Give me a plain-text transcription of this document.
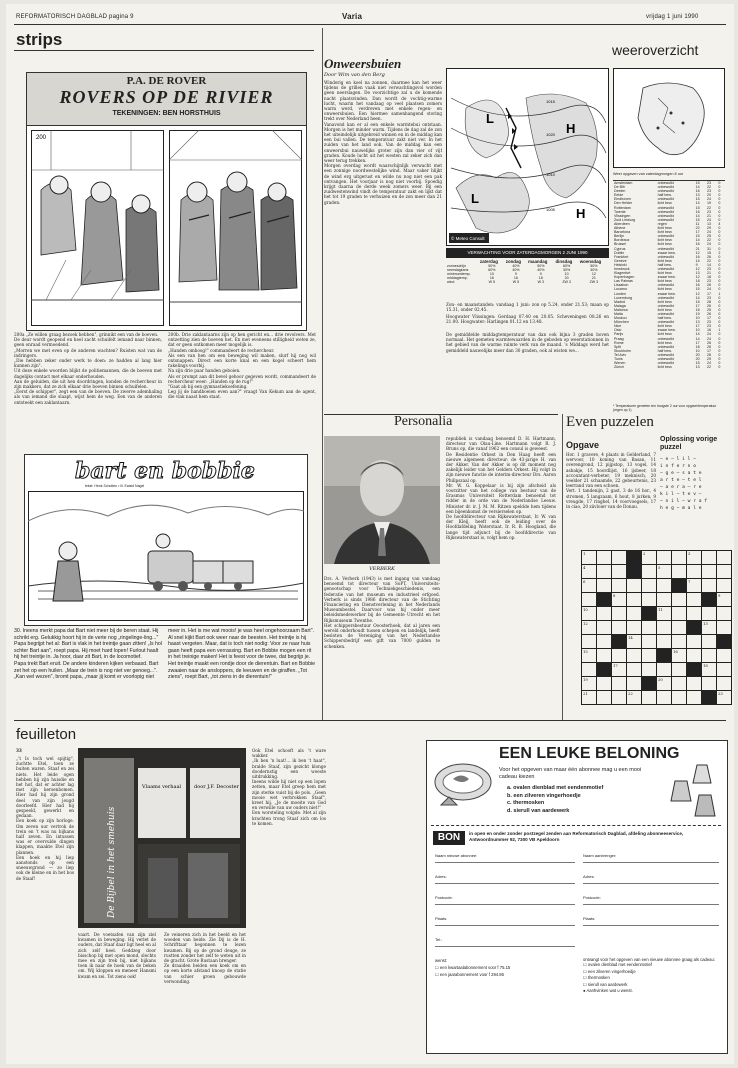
REFORMATORISCH DAGBLAD pagina 9	Varia	vrijdag 1 juni 1990
strips
P.A. DE ROVER
ROVERS OP DE RIVIER
TEKENINGEN: BEN HORSTHUIS
200
200a „Ze willen graag bezoek hebben", grinnikt een van de boeven.
De deur wordt geopend en heel zacht schuifelt iemand naar binnen, geen onraad vermoedend.
„Morren we met even op de anderen wachten? Ruisten wat van de indringers.
„Die hebben zeker onder werk te doen: ze hadden al lang hier kunnen zijn".
Uit deze enkele woorden blijkt de politiemannen, die de boeven met dagelijks contact met elkaar onderhouden.
Aan de geluiden, die uit hen doordringen, konden de rechercheur in zijn makkers, dat ze zich elkaar drie boeven binnen schuifelen.
„Eerst de schipper", zegt een van de boeven. De zwerve ademhaling als van iemand die slaapt, wijst hem de weg. Een van de anderen ontsteekt een zaklantaarn.
200b. Drie zaklantaarns zijn op hen gericht en... drie revolvers. Met ontzetting zien de boeven het. En met eveneens stilligheid weten ze, dat er geen ontkomen meer mogelijk is.
„Handen omhoog!" commandeert de rechercheur.
Als een van hen om een beweging wil maken, slurf hij nog wil ontsnappen. Direct een korte knal en een kogel scheert hem rakelings voorbij.
Na zijn drie paar handen geboien.
Als er prompt aan dit bevel gehoor gegeven wordt, commandeert de rechercheur weer: „Handen op de rug!"
"Gaat ab bij een gymnastiekoefening.
Leg jij de handboeien even aan?" vraagt Van Kekum aan de agent, die vlak naast hem staat.
bart en bobbie
tekst: Henk Scholten • ill. Ewald Nagel
30. Ineens merkt papa dat Bart niet meer bij de beren staat. Hij schrikt erg. Gelukkig hoort hij in de verte nog „ringelinge-ling..." Papa begrijpt het al: Bart is vlak in het treintje gaan zitten! „Is hol schter Bart aan", roept papa. Hij moet hard lopen! Furlout haalt hij het treintje in. Ja hoor, daar zit Bart, in de locomotief.
Papa trekt Bart eruit. De andere kinderen kijken verbaasd. Bart zet het op een huilen. „Maar de trein is nog niet ver genoeg...". „Kan wel wezen", bromt papa, „maar jij komt er voorlopig niet
meer in. Het is me wat moois! je was heel ongehoorzaam Bart".
Al snel kijkt Bart ook weer naar de beesten. Het treintje is hij haast vergeten. Maar, dat is toch niet nodig: Voor ze naar huis gaan heeft papa een verrassing. Bart en Bobbie mogen een rit in het treinige maken! Het is feest voor de twee, dat begrijp je. Het treintje maakt een rondje door de dierentuin. Bart en Bobbie zwaaien naar de ansloppers, de leeuwen en de giraffen. „Tot ziens", roept Bart, „tot ziens in de dierentuin!"
Onweersbuien
Door Wim van den Berg
Winderig en koel na zonnen, daarmee kan het weer tijdens de grillen vaak niet verwachtingsvol worden geen neerslagen. De voorzichtige zal u de komende nacht plaatsvinden. Dan wordt de vochtig-warme lucht, waarin het vandaag op veel plaatsen zomers warm werd, verdreven met enkele regen- en onweersbuien. Een hiermee samenhangend storing trekt over Nederland heen.
Vanavond kan er al een enkele warmtebui ontstaan. Morgen is het minder warm. Tijdens de dag zal de zon het uiteindelijk uitgebreid winnen en in de middag kan een bui vallen. De temperatuur zakt niet ver. In het zuiden van het land ook. Van de middag kan een onweersbui nauwelijks groter zijn dan vier of vijf graden. Koude lucht uit het westen zal zeker zich dan weer terug trekken.
Morgen overdag wordt waarschijnlijk verwacht met een zonnige noordwestelijke wind. Maar vaker blijkt de wind erg uitgerust en wilde nu nog niet een pak ontvangen. Het voorjaar is nog niet voorbij. Spoedig krijgt daarna de derde week zomers weer. Bij een zuidwestenwind vindt de temperatuur zakt en lijkt dat het tot 19 graden te verhuizen en de zon meer dan 21 graden.
weeroverzicht
L
H
L
H
1015
1020
1010
1005
© Meteo Consult
Weer opgaven van zaterdagmorgen 8 uur
Amsterdam	onbewolkt	15	23	0
De Bilt	onbewolkt	14	22	0
Deelen	onbewolkt	16	23	0
Eelde	half bew.	13	20	0
Eindhoven	onbewolkt	15	24	0
Den Helder	licht bew.	14	19	0
Rotterdam	onbewolkt	15	22	0
Twente	onbewolkt	16	23	0
Vlissingen	onbewolkt	14	21	0
Zuid Limburg	onbewolkt	15	24	0
Aberdeen	regen	11	13	4
Athene	licht bew.	22	29	0
Barcelona	licht bew.	17	24	0
Berlijn	onbewolkt	15	25	0
Bordeaux	licht bew.	14	22	0
Brussel	licht bew.	16	24	0
Cyprus	onbewolkt	21	31	0
Dublin	zwaar bew.	12	15	2
Frankfort	onbewolkt	16	26	0
Genève	licht bew.	14	22	0
Helsinki	half bew.	9	14	0
Innsbruck	onbewolkt	12	23	0
Klagenfurt	licht bew.	13	21	0
Kopenhagen	zwaar bew.	12	18	0
Las Palmas	licht bew.	18	23	0
Lissabon	onbewolkt	16	26	0
Locarno	licht bew.	15	24	0
Londen	zwaar bew.	12	17	1
Luxemburg	onbewolkt	14	23	0
Madrid	licht bew.	15	28	0
Malaga	onbewolkt	17	26	0
Mallorca	licht bew.	16	25	0
Malta	onbewolkt	19	26	0
Moskou	half bew.	10	17	0
München	onbewolkt	13	23	0
Nice	licht bew.	17	23	0
Oslo	zwaar bew.	10	16	1
Parijs	licht bew.	14	24	0
Praag	onbewolkt	14	24	0
Rome	licht bew.	17	26	0
Split	onbewolkt	18	26	0
Stockholm	half bew.	10	17	0
Tel Aviv	onbewolkt	20	28	0
Tunis	onbewolkt	20	29	0
Wenen	onbewolkt	15	24	0
Zürich	licht bew.	13	22	0
* Temperaturen gemeten ten hoogste 2 uur voor opgave/temperatuur (regen op 1)
VERWACHTING VOOR ZATERDAGMORGEN 2 JUNI 1990
	zaterdag	zondag	maandag	dinsdag	woensdag
zonneschijn	50%	40%	50%	60%	50%
neerslagkans	60%	40%	40%	30%	40%
minimumtemp.	10	9	9	10	12
middagtemp.	16	16	18	20	21
wind	W 5	W 5	W 3	ZW 3	ZW 3
Zon- en maanstanden: vandaag 1 juni: zon op 5.24, onder 21.53; maan op 15.31, onder 02.45.
Hoogwater Vlissingen: Gerdaag 07.40 en 20.05. Scheveningen 08.26 en 21.00. Hoogwater: Harlingen 01.12 en 13.48.
De gemiddelde middagtemperatuur van dan ook bijna 3 graden boven normaal. Het gemeten warmtewaarden in de geboden op weerstationnen in het gebied van de warme ruimte verk van de maand. 's Middags werd het gemiddeld nauwelijks meer dan 30 graden, ook al wisten we...
Personalia
VERBERK
Drs. A. Verberk (1943) is met ingang van vandaag benoemd tot directeur van SoPT, Universiteits-genootschap voor Techniekgeschiedenis, een federatie van het museum en industrieel erfgoed. Verberk is sinds 1986 directeur van de Stichting Financiering en Dienstverlening in het Nederlands Museumbestel. Daarvoor was hij onder meer beleidsmedewerker bij de Gemeente Utrecht en het Rijksmuseum Twenthe.
Het schippersbestuur Ooosterhoek, dat al jaren een wereld onderhoudt tussen schepen en landelijk, heeft besloten de Vereniging van het Nederlandse Schippersbedrijf een gift van 7000 gulden te schenken.
republiek is vandaag benoemd D. H. Hartmann, directeur van Olau-Line. Hartmann volgt R. J. Bruns op, die vanaf 1962 een consul is geweest.
De Residentie Orkest in Den Haag heeft een nieuwe algemeen directeur: de 43-jarige H. van der Akker. Van der Akker is op dit moment nog zakelijk leider van het Gelders Orkest. Hij volgt in zijn nieuwe functie de interim-directeur Drs. Aaron Philipszaal op.
Mr. W. G. Koppelaar is bij zijn afscheid als voorzitter van het college van bestuur van de Erasmus Universiteit Rotterdam benoemd tot ridder in de orde van de Nederlandse Leeuw. Minister dr. ir. J. M. M. Ritzen speldde hem tijdens een bijeenkomst de versierselen op.
De hoofddirecteur van Rijkswaterstaat, Ir. W. van der Kleij, heeft ook de leiding over de Hoofdafdeling Waterstaat. Ir. R. B. Hoogland, die lange tijd adjunct bij de hoofddirectie van Rijkswaterstaat is, volgt hem op.
Even puzzelen
Opgave
Hor. 1 gravere, 4 plaats in Gelderland, 7 wervoer, 10 koning van Basan, 11 overengrond, 12 pijpstop, 13 vogel, 14 asbakje, 15 hoordlijst, 16 ijsbeer, 18 accountant-verbeter, 19 meknisch, 20 veelder 21 schaamde, 22 gebeurtenis, 23 leerrand van een schoen.
Vert. 1 tandenijn, 2 gast, 3 de 16 hor., 4 stromen, 5 langzaam, 6 hout, 8 jurken, 9 vreugde, 17 ringbel, 14 voorvoegsels, 17 in ciao, 20 ziivloier van de Donau.
Oplossing vorige puzzel
— e — l i l —
i n f e r n o
— g e — s a t e
a r t e — t e l
— a e r a — r e
k i l — t e v —
— n i l — w r a f
h e g — m a l e
1				2			3		

4					5				

6							7		

		8							9

10					11				

12								13	

			14						

15						16			

		17						18	

19					20				

21			22						23
feuilleton
33
„'t Is toch wel spijtig", zuchtte Etel, toen ze buiten waren. Staaf en zei niets. Het leide ogen hebben hij zijn huisdie en het hof, dat er achter lag met zijn kersenbomen. Hier had hij zijn grond deel van zijn jeugd doorleefd. Hier had hij gespeeld, gewerkt en gedaan.
Een koek op zijn horloge. Om zeven uur vertrok de trein en 't was nu bijkans half zeven. En intussen was er overvulde dingen klappen, maakte Etel zijn plannen.
Een hoek en hij liep aanstonds op een sneeuwgrond — zo liep ook de kleine en in het bos de Staaf!
Vlaams verhaal	door J.F. Decoster
De Bijbel in het smehuis
vaart. De voetsafen van zijn ziel kwamen in beweging. Hij verlet de ouders, dat Staaf daar ligt heel en al zich zelf heel. Geddzeg door bisschop bij met open mond, slechts mee en zijn trek bij, niet bijkans toen ik naar de hoek van de beken om. Wij kloppen en meneer Hansmi kwam en zei. Tot ziens ook!
Ze veineren zich in het beeld en het woeden van beide. Zie Dij is de H. Schrifttaar begonnen te lezen kwamen. Bij op de grond deuge, ze rustten zonder het zelf te weten uit in de gracht. Grote Rustaan brenger.
Ze draaiden beiden een koek om en op een korte afstand knoop de statie van schier groen gebouwde verwonding.
Ook Etel schooft als 't ware wakker.
„Ik ben 'n luat!... ik ben 't haat", bralde Staaf, zijn gezicht klonge doodernstig een woeste uitdrukking.
Ineens wilde hij niet op een lopen zetten, maar Etel greep hem met zijn sterke vuist bij de pols. „Geen mooie wet verbrokken Staaf", kreet hij. „Je de moeite van God en verwille van uw ouders niet!"
Een worsteling volgde. Met al zijn krachten trong Staaf zich om los te komen.
EEN LEUKE BELONING
Voor het opgeven van maar één abonnee mag u een mooi cadeau kiezen
a. ovalen dienblad met eendenmotief
b. een zilveren vingerhoedje
c. thermosken
d. sierull van aardewerk
BON	in open en onder zonder postzegel zenden aan Reformatorisch Dagblad, afdeling abonneeservice, Antwoordnummer 92, 7300 VB Apeldoorn
Naam nieuwe abonnee:
Adres:
Postcode:
Plaats:
Tel.:
Naam aanbrenger:
Adres:
Postcode:
Plaats:
wenst:
☐ een kwartaalabonnement voor f 75.15
☐ een jaarabonnement voor f 294.86
ontvangt voor het opgeven van een nieuwe abonnee graag als cadeau:
☐ ovalen dienblad met eendenmotief
☐ een zilveren vingerhoedje
☐ thermosken
☐ sierull van aardewerk
● Aanhvinken wat u wenst.
